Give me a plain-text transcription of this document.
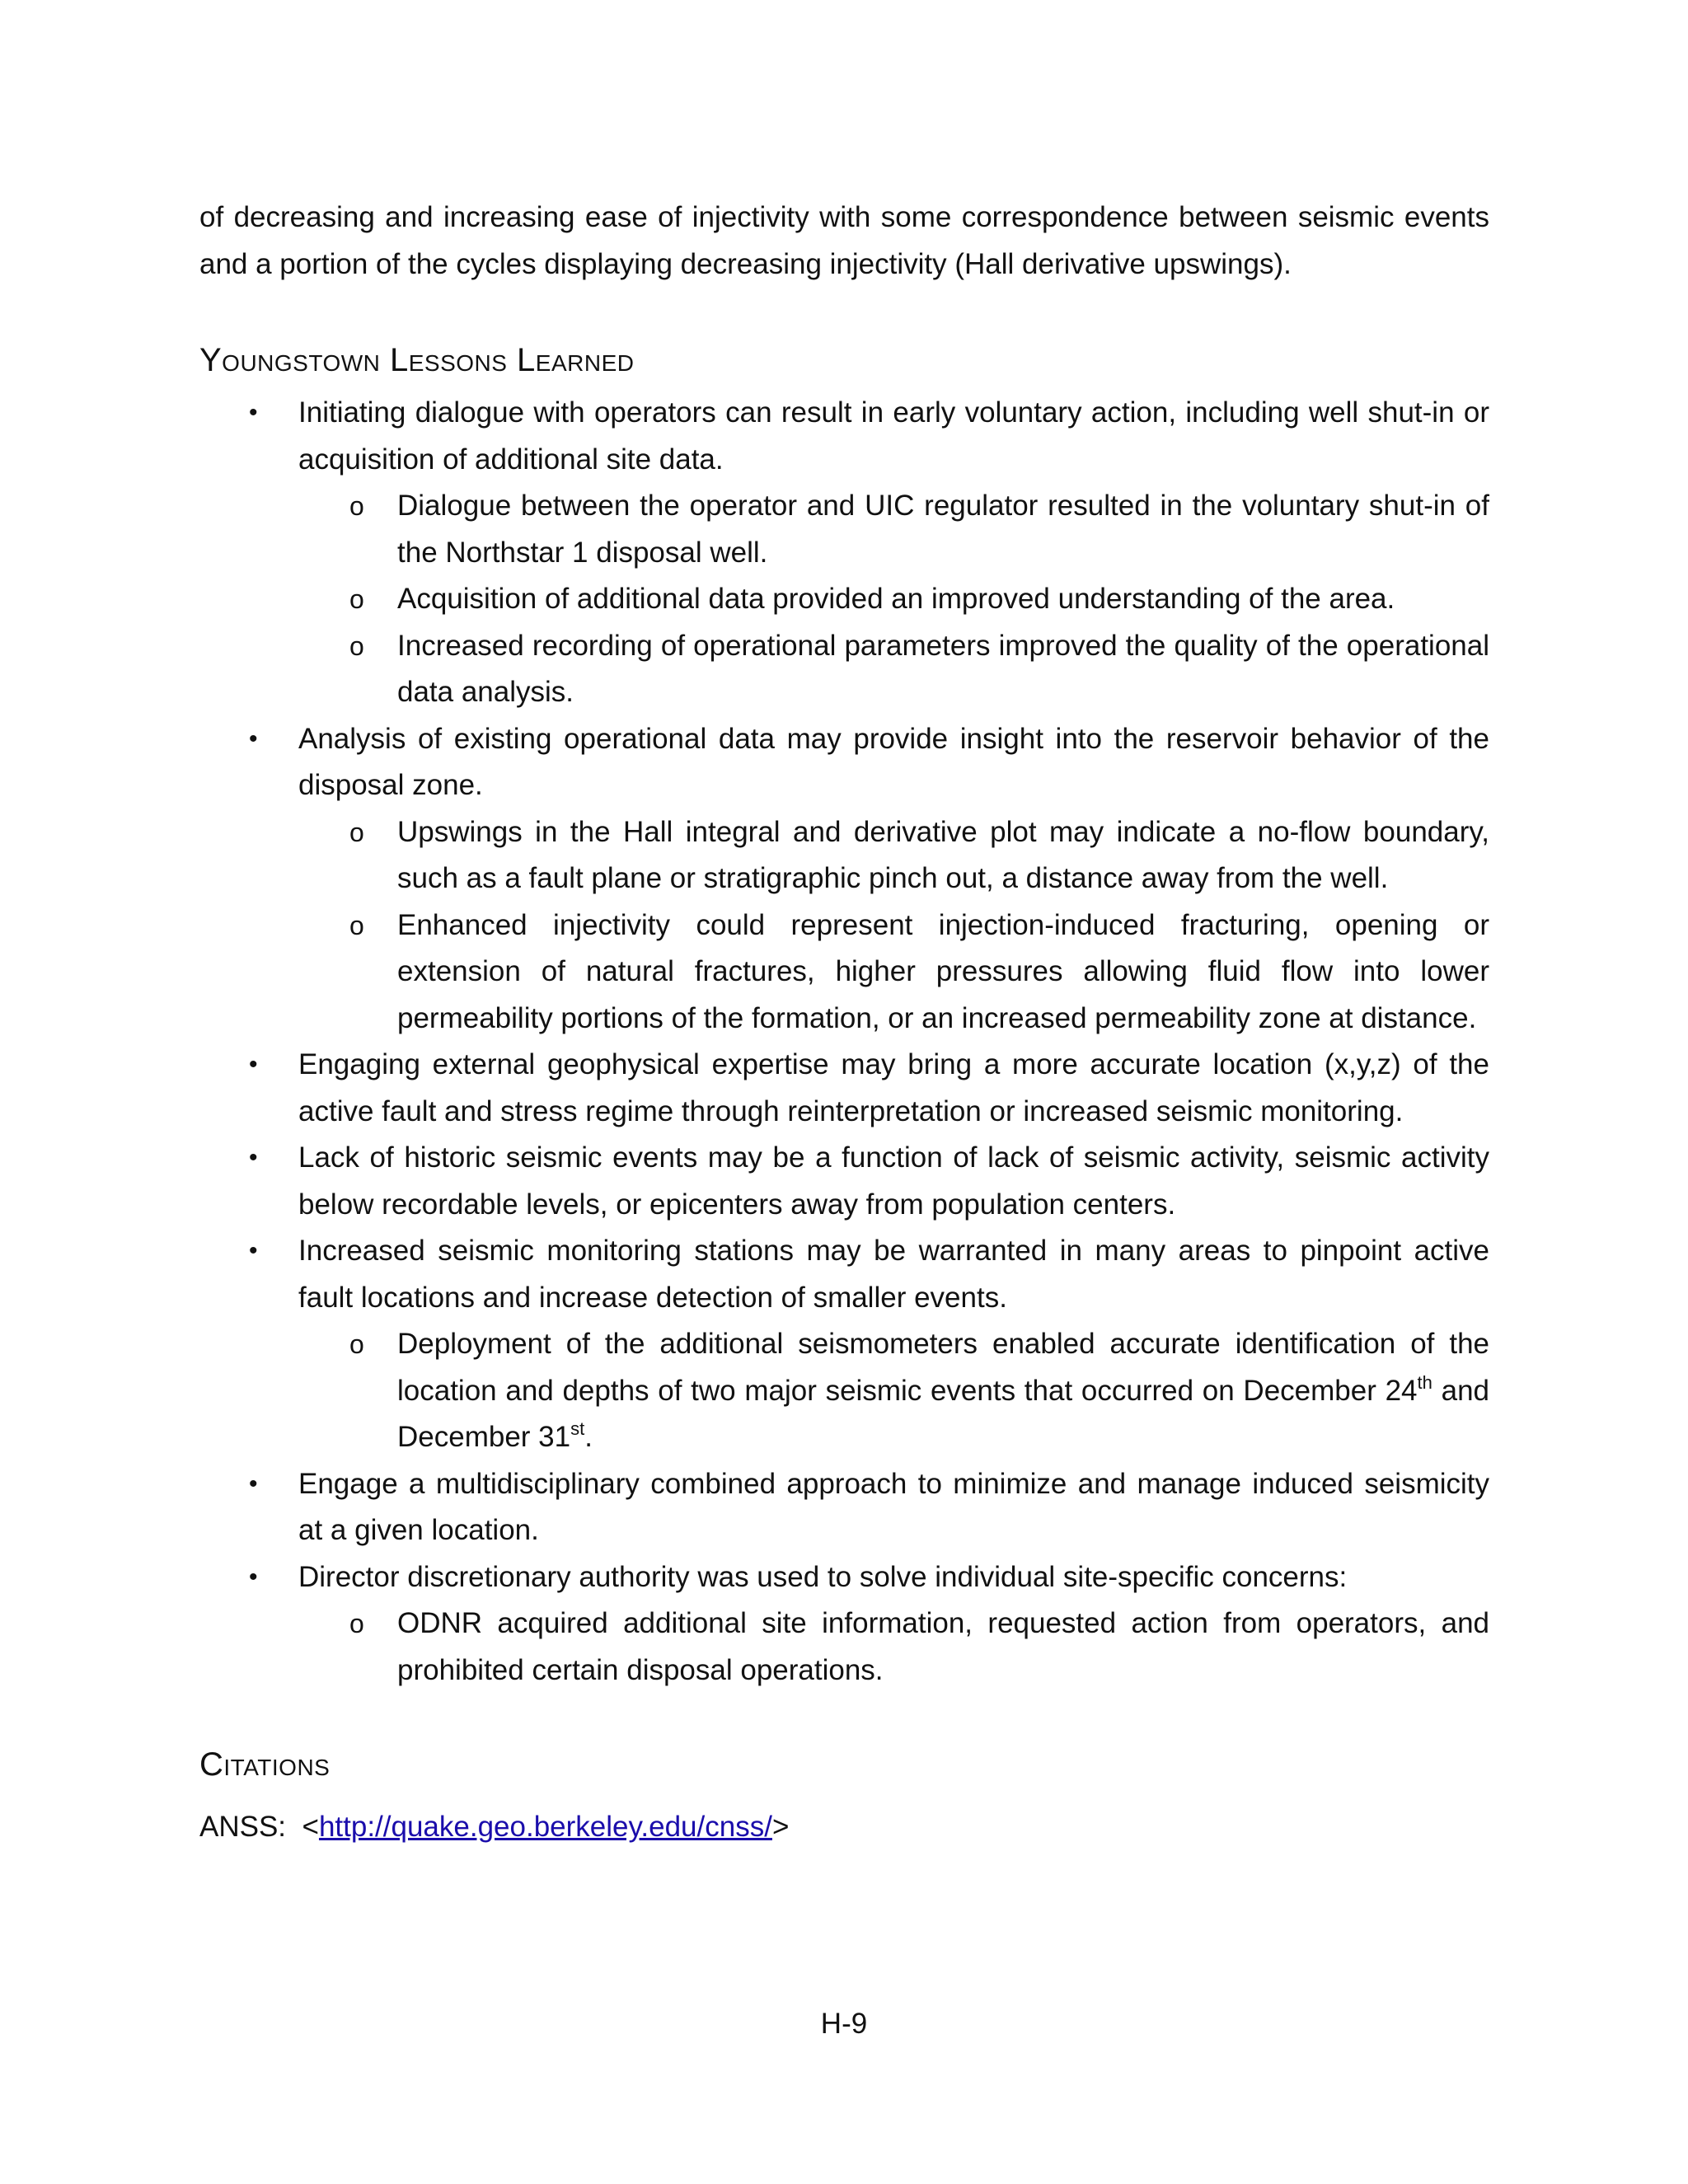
of decreasing and increasing ease of injectivity with some correspondence between seismic events and a portion of the cycles displaying decreasing injectivity (Hall derivative upswings).

Youngstown Lessons Learned
• Initiating dialogue with operators can result in early voluntary action, including well shut-in or acquisition of additional site data.
o Dialogue between the operator and UIC regulator resulted in the voluntary shut-in of the Northstar 1 disposal well.
o Acquisition of additional data provided an improved understanding of the area.
o Increased recording of operational parameters improved the quality of the operational data analysis.
• Analysis of existing operational data may provide insight into the reservoir behavior of the disposal zone.
o Upswings in the Hall integral and derivative plot may indicate a no-flow boundary, such as a fault plane or stratigraphic pinch out, a distance away from the well.
o Enhanced injectivity could represent injection-induced fracturing, opening or extension of natural fractures, higher pressures allowing fluid flow into lower permeability portions of the formation, or an increased permeability zone at distance.
• Engaging external geophysical expertise may bring a more accurate location (x,y,z) of the active fault and stress regime through reinterpretation or increased seismic monitoring.
• Lack of historic seismic events may be a function of lack of seismic activity, seismic activity below recordable levels, or epicenters away from population centers.
• Increased seismic monitoring stations may be warranted in many areas to pinpoint active fault locations and increase detection of smaller events.
o Deployment of the additional seismometers enabled accurate identification of the location and depths of two major seismic events that occurred on December 24th and December 31st.
• Engage a multidisciplinary combined approach to minimize and manage induced seismicity at a given location.
• Director discretionary authority was used to solve individual site-specific concerns:
o ODNR acquired additional site information, requested action from operators, and prohibited certain disposal operations.
Citations

ANSS: <http://quake.geo.berkeley.edu/cnss/>

H-9
